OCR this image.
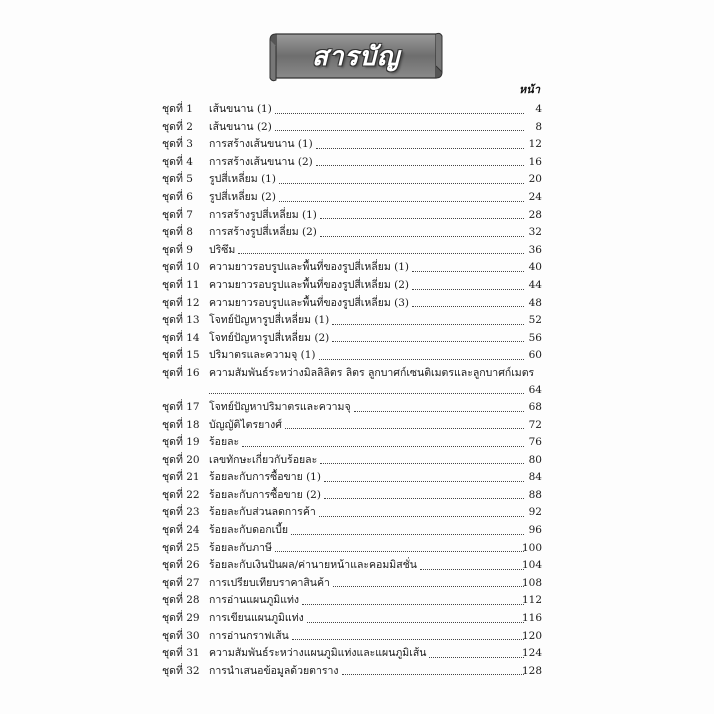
สารบัญ
หน้า
ชุดที่ 1	เส้นขนาน (1)	4
ชุดที่ 2	เส้นขนาน (2)	8
ชุดที่ 3	การสร้างเส้นขนาน (1)	12
ชุดที่ 4	การสร้างเส้นขนาน (2)	16
ชุดที่ 5	รูปสี่เหลี่ยม (1)	20
ชุดที่ 6	รูปสี่เหลี่ยม (2)	24
ชุดที่ 7	การสร้างรูปสี่เหลี่ยม (1)	28
ชุดที่ 8	การสร้างรูปสี่เหลี่ยม (2)	32
ชุดที่ 9	ปริซึม	36
ชุดที่ 10 ความยาวรอบรูปและพื้นที่ของรูปสี่เหลี่ยม (1)	40
ชุดที่ 11 ความยาวรอบรูปและพื้นที่ของรูปสี่เหลี่ยม (2)	44
ชุดที่ 12 ความยาวรอบรูปและพื้นที่ของรูปสี่เหลี่ยม (3)	48
ชุดที่ 13 โจทย์ปัญหารูปสี่เหลี่ยม (1)	52
ชุดที่ 14 โจทย์ปัญหารูปสี่เหลี่ยม (2)	56
ชุดที่ 15 ปริมาตรและความจุ (1)	60
ชุดที่ 16 ความสัมพันธ์ระหว่างมิลลิลิตร ลิตร ลูกบาศก์เซนติเมตรและลูกบาศก์เมตร
64
ชุดที่ 17 โจทย์ปัญหาปริมาตรและความจุ	68
ชุดที่ 18 บัญญัติไตรยางศ์	72
ชุดที่ 19 ร้อยละ	76
ชุดที่ 20 เลขทักษะเกี่ยวกับร้อยละ	80
ชุดที่ 21 ร้อยละกับการซื้อขาย (1)	84
ชุดที่ 22 ร้อยละกับการซื้อขาย (2)	88
ชุดที่ 23 ร้อยละกับส่วนลดการค้า	92
ชุดที่ 24 ร้อยละกับดอกเบี้ย	96
ชุดที่ 25 ร้อยละกับภาษี	100
ชุดที่ 26 ร้อยละกับเงินปันผล/ค่านายหน้าและคอมมิสชั่น	104
ชุดที่ 27 การเปรียบเทียบราคาสินค้า	108
ชุดที่ 28 การอ่านแผนภูมิแท่ง	112
ชุดที่ 29 การเขียนแผนภูมิแท่ง	116
ชุดที่ 30 การอ่านกราฟเส้น	120
ชุดที่ 31 ความสัมพันธ์ระหว่างแผนภูมิแท่งและแผนภูมิเส้น	124
ชุดที่ 32 การนำเสนอข้อมูลด้วยตาราง	128
